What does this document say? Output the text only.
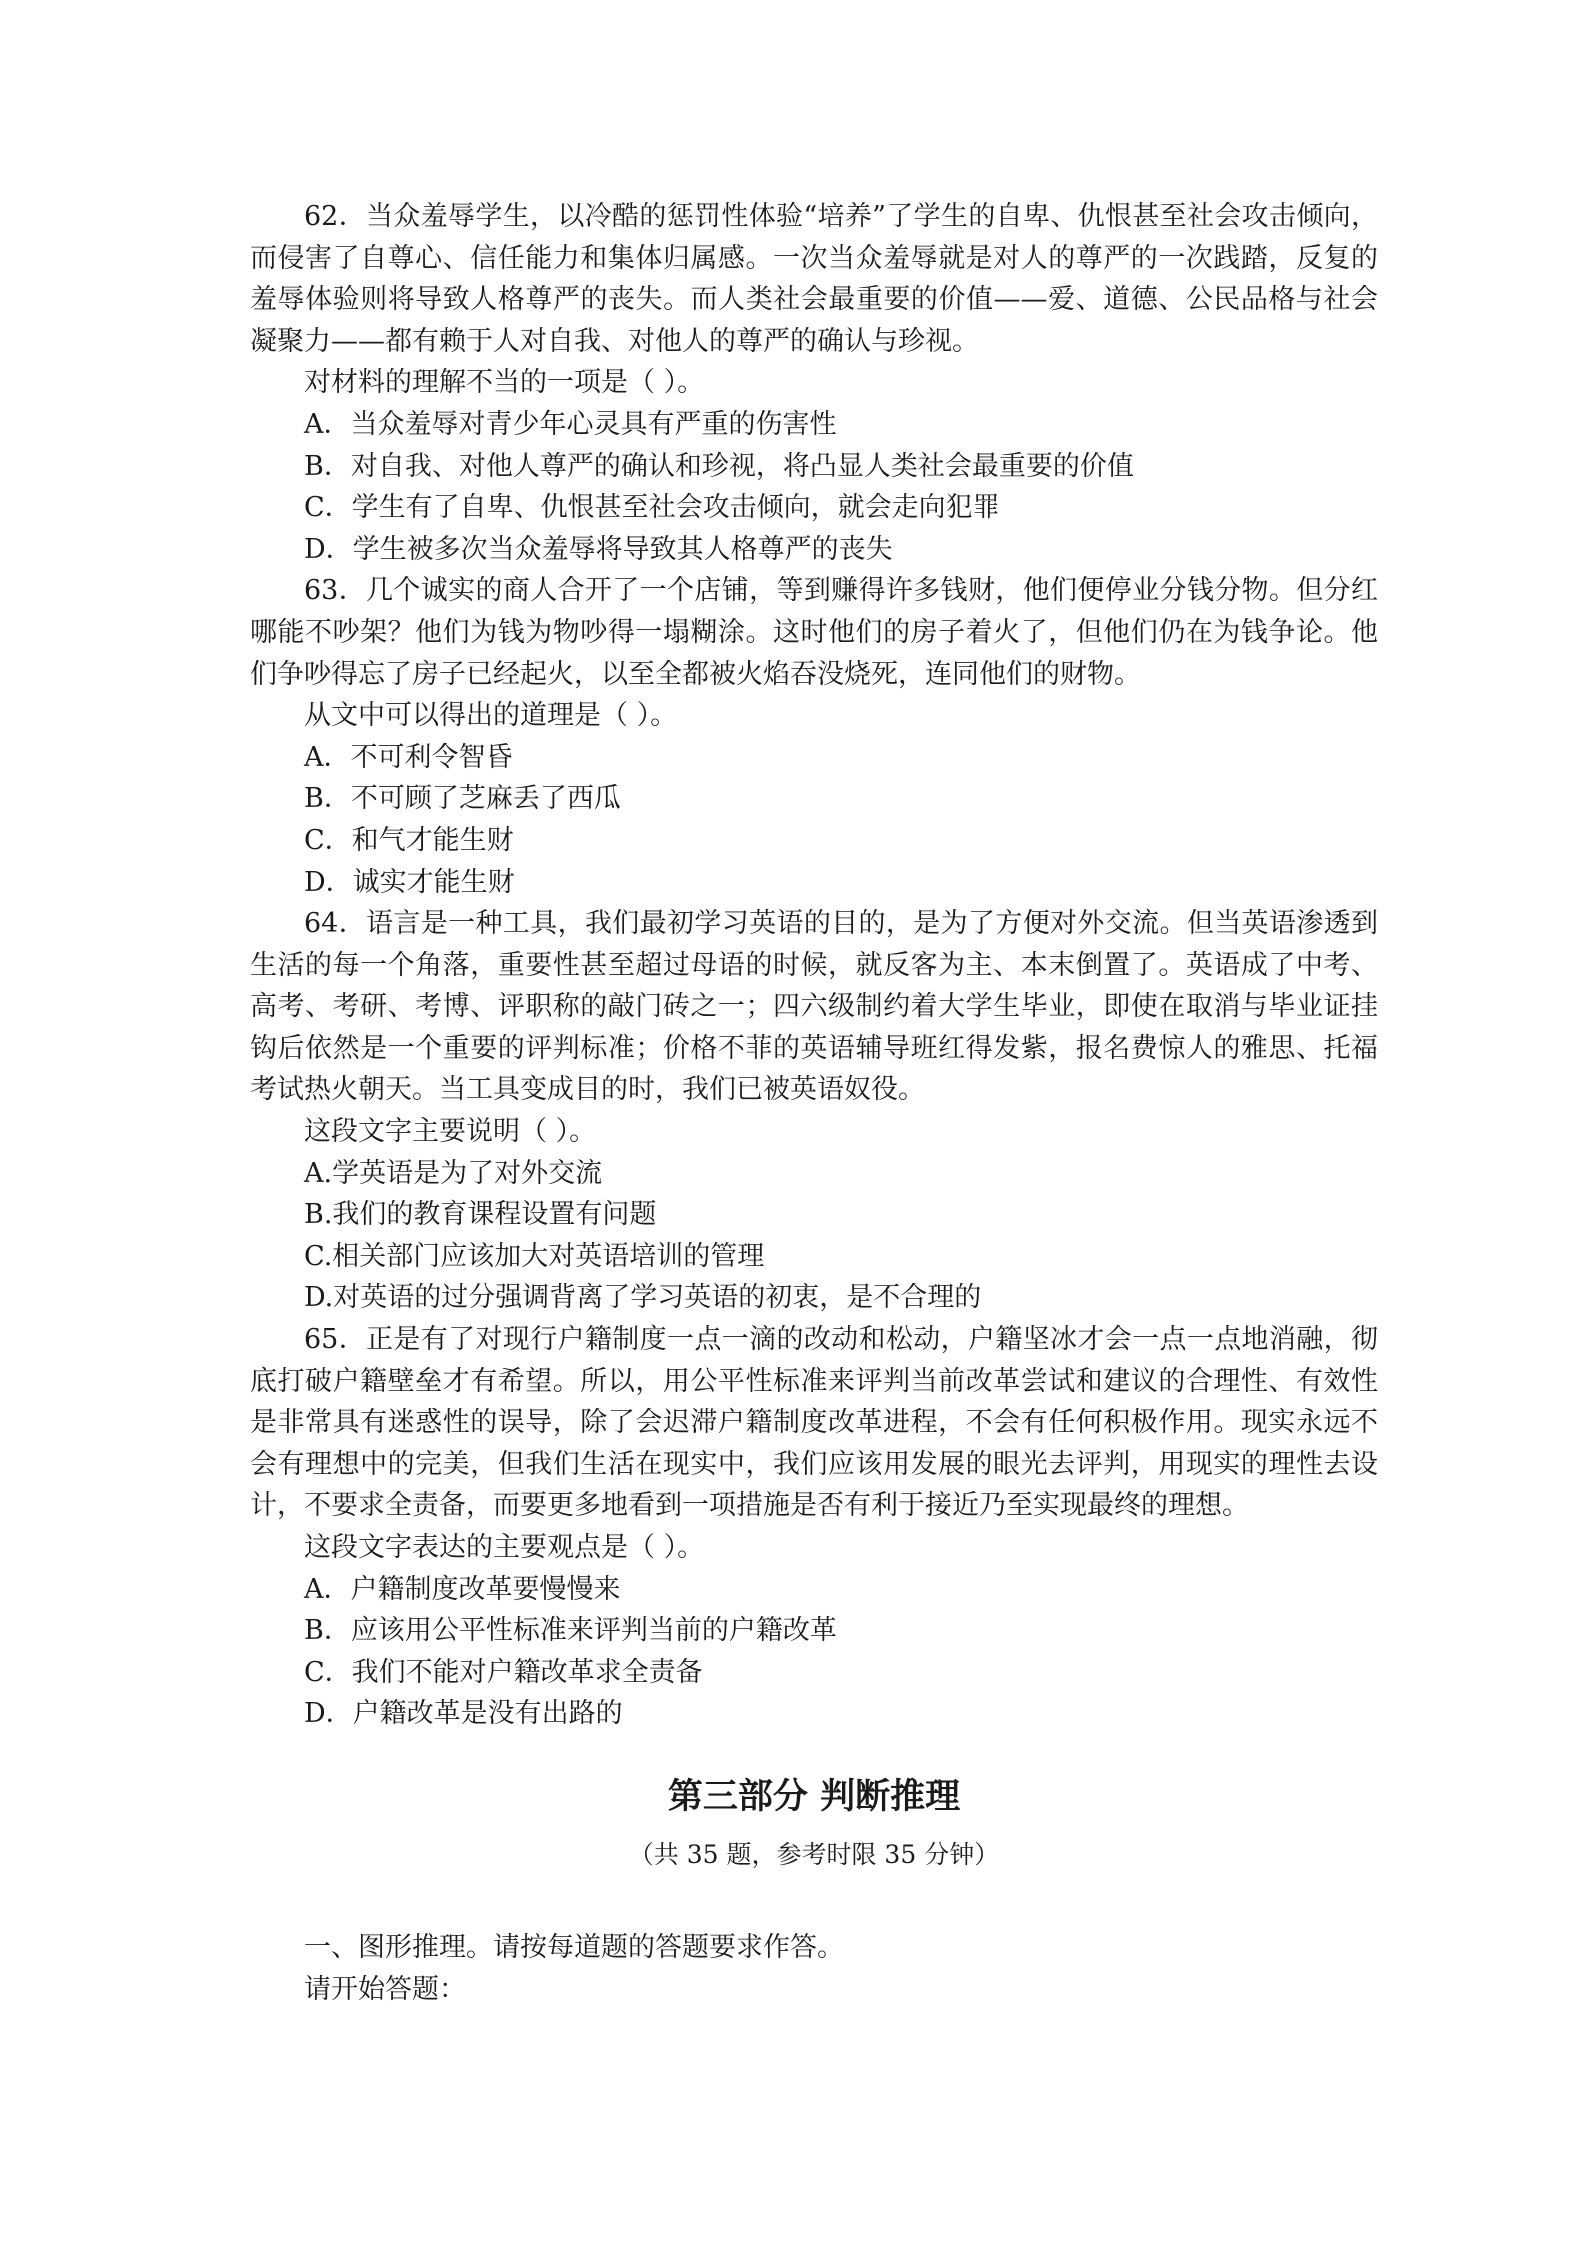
62．当众羞辱学生，以冷酷的惩罚性体验“培养”了学生的自卑、仇恨甚至社会攻击倾向，而侵害了自尊心、信任能力和集体归属感。一次当众羞辱就是对人的尊严的一次践踏，反复的羞辱体验则将导致人格尊严的丧失。而人类社会最重要的价值——爱、道德、公民品格与社会凝聚力——都有赖于人对自我、对他人的尊严的确认与珍视。

对材料的理解不当的一项是（ ）。

A．当众羞辱对青少年心灵具有严重的伤害性

B．对自我、对他人尊严的确认和珍视，将凸显人类社会最重要的价值

C．学生有了自卑、仇恨甚至社会攻击倾向，就会走向犯罪

D．学生被多次当众羞辱将导致其人格尊严的丧失

63．几个诚实的商人合开了一个店铺，等到赚得许多钱财，他们便停业分钱分物。但分红哪能不吵架？他们为钱为物吵得一塌糊涂。这时他们的房子着火了，但他们仍在为钱争论。他们争吵得忘了房子已经起火，以至全都被火焰吞没烧死，连同他们的财物。

从文中可以得出的道理是（ ）。

A．不可利令智昏

B．不可顾了芝麻丢了西瓜

C．和气才能生财

D．诚实才能生财

64．语言是一种工具，我们最初学习英语的目的，是为了方便对外交流。但当英语渗透到生活的每一个角落，重要性甚至超过母语的时候，就反客为主、本末倒置了。英语成了中考、高考、考研、考博、评职称的敲门砖之一；四六级制约着大学生毕业，即使在取消与毕业证挂钩后依然是一个重要的评判标准；价格不菲的英语辅导班红得发紫，报名费惊人的雅思、托福考试热火朝天。当工具变成目的时，我们已被英语奴役。

这段文字主要说明（ ）。

A.学英语是为了对外交流

B.我们的教育课程设置有问题

C.相关部门应该加大对英语培训的管理

D.对英语的过分强调背离了学习英语的初衷，是不合理的

65．正是有了对现行户籍制度一点一滴的改动和松动，户籍坚冰才会一点一点地消融，彻底打破户籍壁垒才有希望。所以，用公平性标准来评判当前改革尝试和建议的合理性、有效性是非常具有迷惑性的误导，除了会迟滞户籍制度改革进程，不会有任何积极作用。现实永远不会有理想中的完美，但我们生活在现实中，我们应该用发展的眼光去评判，用现实的理性去设计，不要求全责备，而要更多地看到一项措施是否有利于接近乃至实现最终的理想。

这段文字表达的主要观点是（ ）。

A．户籍制度改革要慢慢来

B．应该用公平性标准来评判当前的户籍改革

C．我们不能对户籍改革求全责备

D．户籍改革是没有出路的

第三部分 判断推理

（共 35 题，参考时限 35 分钟）

一、图形推理。请按每道题的答题要求作答。

请开始答题：
